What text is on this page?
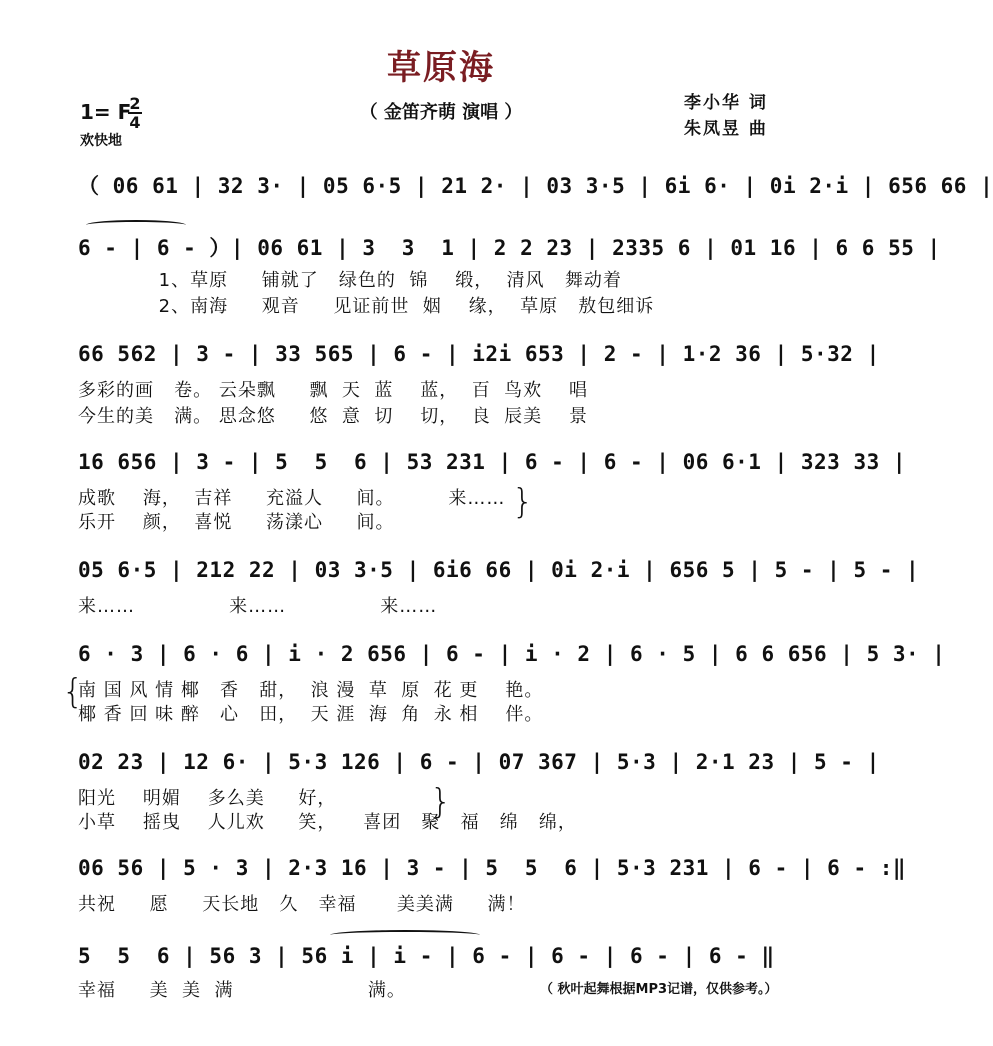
草原海
（ 金笛齐萌 演唱 ）	李小华 词
朱凤昱 曲
1= F
2
4
欢快地
（ 06 61 | 32 3· | 05 6·5 | 21 2· | 03 3·5 | 6i 6· | 0i 2·i | 656 66 |
6 - | 6 - ）| 06 61 | 3  3  1 | 2 2 23 | 2335 6 | 01 16 | 6 6 55 |
1、草原     铺就了   绿色的  锦    缎，  清风   舞动着
2、南海     观音     见证前世  姻    缘，  草原   敖包细诉
66 562 | 3 - | 33 565 | 6 - | i2i 653 | 2 - | 1·2 36 | 5·32 |
多彩的画   卷。 云朵飘     飘  天  蓝    蓝，  百  鸟欢    唱
今生的美   满。 思念悠     悠  意  切    切，  良  辰美    景
16 656 | 3 - | 5  5  6 | 53 231 | 6 - | 6 - | 06 6·1 | 323 33 |
成歌    海，  吉祥     充溢人     间。        来……
乐开    颜，  喜悦     荡漾心     间。
}
05 6·5 | 212 22 | 03 3·5 | 6i6 66 | 0i 2·i | 656 5 | 5 - | 5 - |
来……              来……              来……
6 · 3 | 6 · 6 | i · 2 656 | 6 - | i · 2 | 6 · 5 | 6 6 656 | 5 3· |
{
南 国 风 情 椰   香   甜，  浪 漫  草  原  花 更    艳。
椰 香 回 味 醉   心   田，  天 涯  海  角  永 相    伴。
02 23 | 12 6· | 5·3 126 | 6 - | 07 367 | 5·3 | 2·1 23 | 5 - |
阳光    明媚    多么美     好，
小草    摇曳    人儿欢     笑，    喜团   聚   福   绵   绵，
}
06 56 | 5 · 3 | 2·3 16 | 3 - | 5  5  6 | 5·3 231 | 6 - | 6 - :‖
共祝     愿     天长地   久   幸福      美美满     满！
5  5  6 | 56 3 | 56 i | i - | 6 - | 6 - | 6 - | 6 - ‖
幸福     美  美  满                    满。	（ 秋叶起舞根据MP3记谱，仅供参考。）
